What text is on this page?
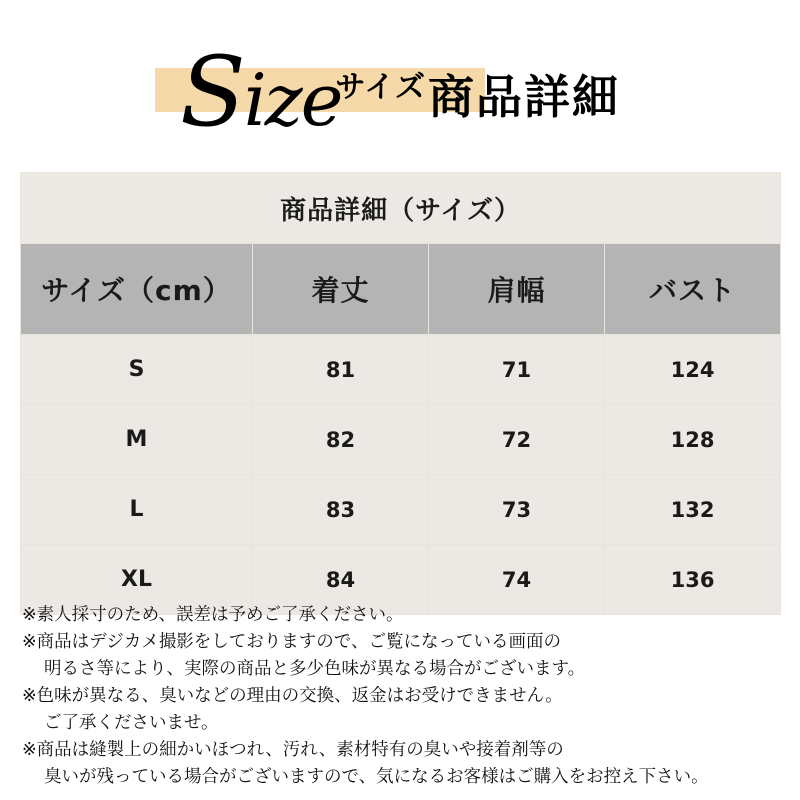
Sizeサイズ商品詳細
商品詳細（サイズ）			
サイズ（cm）	着丈	肩幅	バスト
S	81	71	124
M	82	72	128
L	83	73	132
XL	84	74	136
※素人採寸のため、誤差は予めご了承ください。
※商品はデジカメ撮影をしておりますので、ご覧になっている画面の
明るさ等により、実際の商品と多少色味が異なる場合がございます。
※色味が異なる、臭いなどの理由の交換、返金はお受けできません。
ご了承くださいませ。
※商品は縫製上の細かいほつれ、汚れ、素材特有の臭いや接着剤等の
臭いが残っている場合がございますので、気になるお客様はご購入をお控え下さい。
